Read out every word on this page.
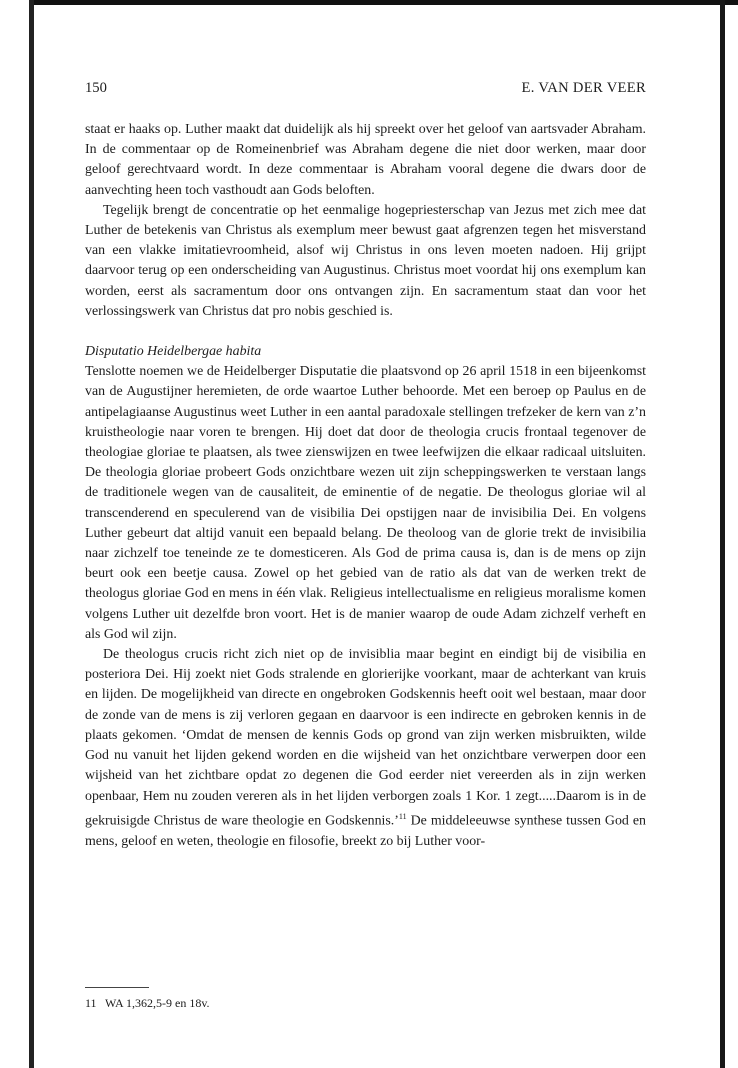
150	E. VAN DER VEER

staat er haaks op. Luther maakt dat duidelijk als hij spreekt over het geloof van aartsvader Abraham. In de commentaar op de Romeinenbrief was Abraham degene die niet door werken, maar door geloof gerechtvaard wordt. In deze commentaar is Abraham vooral degene die dwars door de aanvechting heen toch vasthoudt aan Gods beloften.

Tegelijk brengt de concentratie op het eenmalige hogepriesterschap van Jezus met zich mee dat Luther de betekenis van Christus als exemplum meer bewust gaat afgrenzen tegen het misverstand van een vlakke imitatievroomheid, alsof wij Christus in ons leven moeten nadoen. Hij grijpt daarvoor terug op een onderscheiding van Augustinus. Christus moet voordat hij ons exemplum kan worden, eerst als sacramentum door ons ontvangen zijn. En sacramentum staat dan voor het verlossingswerk van Christus dat pro nobis geschied is.

Disputatio Heidelbergae habita

Tenslotte noemen we de Heidelberger Disputatie die plaatsvond op 26 april 1518 in een bijeenkomst van de Augustijner heremieten, de orde waartoe Luther behoorde. Met een beroep op Paulus en de antipelagiaanse Augustinus weet Luther in een aantal paradoxale stellingen trefzeker de kern van z’n kruistheologie naar voren te brengen. Hij doet dat door de theologia crucis frontaal tegenover de theologiae gloriae te plaatsen, als twee zienswijzen en twee leefwijzen die elkaar radicaal uitsluiten. De theologia gloriae probeert Gods onzichtbare wezen uit zijn scheppingswerken te verstaan langs de traditionele wegen van de causaliteit, de eminentie of de negatie. De theologus gloriae wil al transcenderend en speculerend van de visibilia Dei opstijgen naar de invisibilia Dei. En volgens Luther gebeurt dat altijd vanuit een bepaald belang. De theoloog van de glorie trekt de invisibilia naar zichzelf toe teneinde ze te domesticeren. Als God de prima causa is, dan is de mens op zijn beurt ook een beetje causa. Zowel op het gebied van de ratio als dat van de werken trekt de theologus gloriae God en mens in één vlak. Religieus intellectualisme en religieus moralisme komen volgens Luther uit dezelfde bron voort. Het is de manier waarop de oude Adam zichzelf verheft en als God wil zijn.

De theologus crucis richt zich niet op de invisiblia maar begint en eindigt bij de visibilia en posteriora Dei. Hij zoekt niet Gods stralende en glorierijke voorkant, maar de achterkant van kruis en lijden. De mogelijkheid van directe en ongebroken Godskennis heeft ooit wel bestaan, maar door de zonde van de mens is zij verloren gegaan en daarvoor is een indirecte en gebroken kennis in de plaats gekomen. ‘Omdat de mensen de kennis Gods op grond van zijn werken misbruikten, wilde God nu vanuit het lijden gekend worden en die wijsheid van het onzichtbare verwerpen door een wijsheid van het zichtbare opdat zo degenen die God eerder niet vereerden als in zijn werken openbaar, Hem nu zouden vereren als in het lijden verborgen zoals 1 Kor. 1 zegt.....Daarom is in de gekruisigde Christus de ware theologie en Godskennis.’$^{11}$ De middeleeuwse synthese tussen God en mens, geloof en weten, theologie en filosofie, breekt zo bij Luther voor-

11 WA 1,362,5-9 en 18v.
